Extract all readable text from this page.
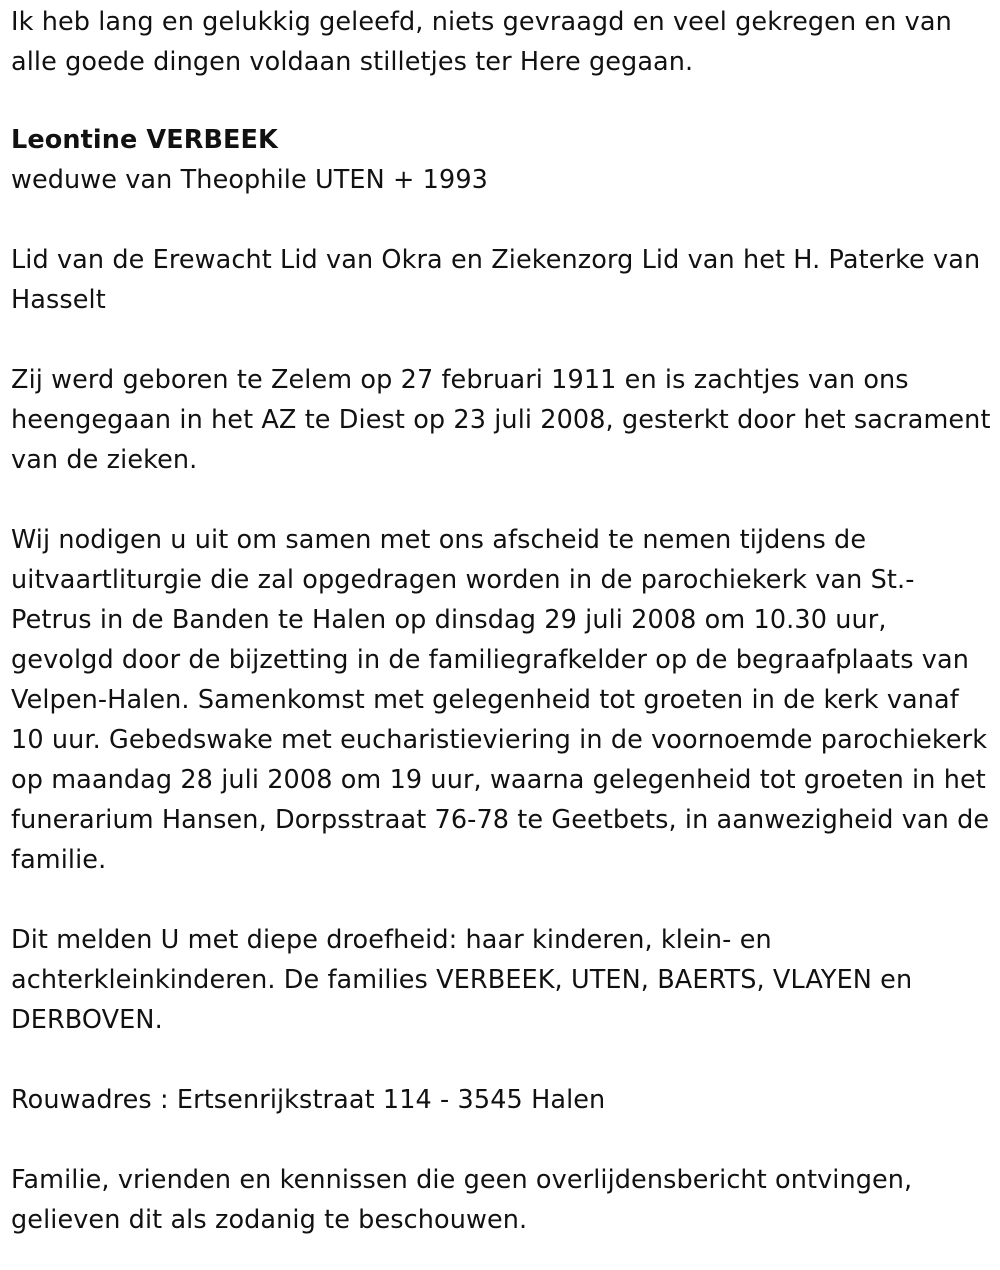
Ik heb lang en gelukkig geleefd, niets gevraagd en veel gekregen en van alle goede dingen voldaan stilletjes ter Here gegaan.

Leontine VERBEEK

weduwe van Theophile UTEN + 1993

Lid van de Erewacht Lid van Okra en Ziekenzorg Lid van het H. Paterke van Hasselt

Zij werd geboren te Zelem op 27 februari 1911 en is zachtjes van ons heengegaan in het AZ te Diest op 23 juli 2008, gesterkt door het sacrament van de zieken.

Wij nodigen u uit om samen met ons afscheid te nemen tijdens de uitvaartliturgie die zal opgedragen worden in de parochiekerk van St.-Petrus in de Banden te Halen op dinsdag 29 juli 2008 om 10.30 uur, gevolgd door de bijzetting in de familiegrafkelder op de begraafplaats van Velpen-Halen. Samenkomst met gelegenheid tot groeten in de kerk vanaf 10 uur. Gebedswake met eucharistieviering in de voornoemde parochiekerk op maandag 28 juli 2008 om 19 uur, waarna gelegenheid tot groeten in het funerarium Hansen, Dorpsstraat 76-78 te Geetbets, in aanwezigheid van de familie.

Dit melden U met diepe droefheid: haar kinderen, klein- en achterkleinkinderen. De families VERBEEK, UTEN, BAERTS, VLAYEN en DERBOVEN.

Rouwadres : Ertsenrijkstraat 114 - 3545 Halen

Familie, vrienden en kennissen die geen overlijdensbericht ontvingen, gelieven dit als zodanig te beschouwen.
